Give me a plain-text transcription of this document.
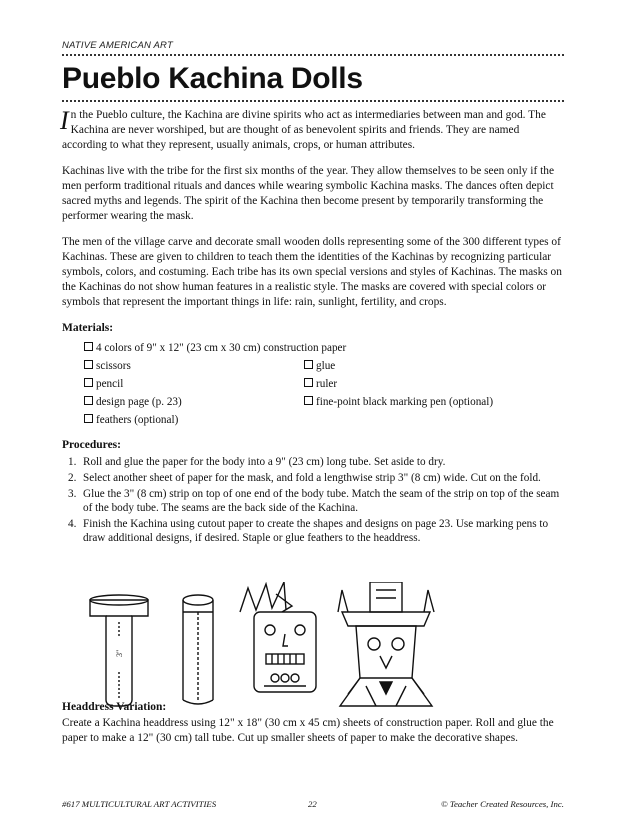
NATIVE AMERICAN ART
Pueblo Kachina Dolls

In the Pueblo culture, the Kachina are divine spirits who act as intermediaries between man and god. The Kachina are never worshiped, but are thought of as benevolent spirits and friends. They are named according to what they represent, usually animals, crops, or human attributes.

Kachinas live with the tribe for the first six months of the year. They allow themselves to be seen only if the men perform traditional rituals and dances while wearing symbolic Kachina masks. The dances often depict sacred myths and legends. The spirit of the Kachina then become present by temporarily transforming the performer wearing the mask.

The men of the village carve and decorate small wooden dolls representing some of the 300 different types of Kachinas. These are given to children to teach them the identities of the Kachinas by recognizing particular symbols, colors, and costuming. Each tribe has its own special versions and styles of Kachinas. The masks on the Kachinas do not show human features in a realistic style. The masks are covered with special colors or symbols that represent the important things in life: rain, sunlight, fertility, and crops.

Materials:
4 colors of 9" x 12" (23 cm x 30 cm) construction paper
scissors	glue
pencil	ruler
design page (p. 23)	fine-point black marking pen (optional)
feathers (optional)
Procedures:
1. Roll and glue the paper for the body into a 9" (23 cm) long tube. Set aside to dry.
2. Select another sheet of paper for the mask, and fold a lengthwise strip 3" (8 cm) wide. Cut on the fold.
3. Glue the 3" (8 cm) strip on top of one end of the body tube. Match the seam of the strip on top of the seam of the body tube. The seams are the back side of the Kachina.
4. Finish the Kachina using cutout paper to create the shapes and designs on page 23. Use marking pens to draw additional designs, if desired. Staple or glue feathers to the headdress.
3"
Headdress Variation:

Create a Kachina headdress using 12" x 18" (30 cm x 45 cm) sheets of construction paper. Roll and glue the paper to make a 12" (30 cm) tall tube. Cut up smaller sheets of paper to make the decorative shapes.

#617 MULTICULTURAL ART ACTIVITIES	22	© Teacher Created Resources, Inc.
